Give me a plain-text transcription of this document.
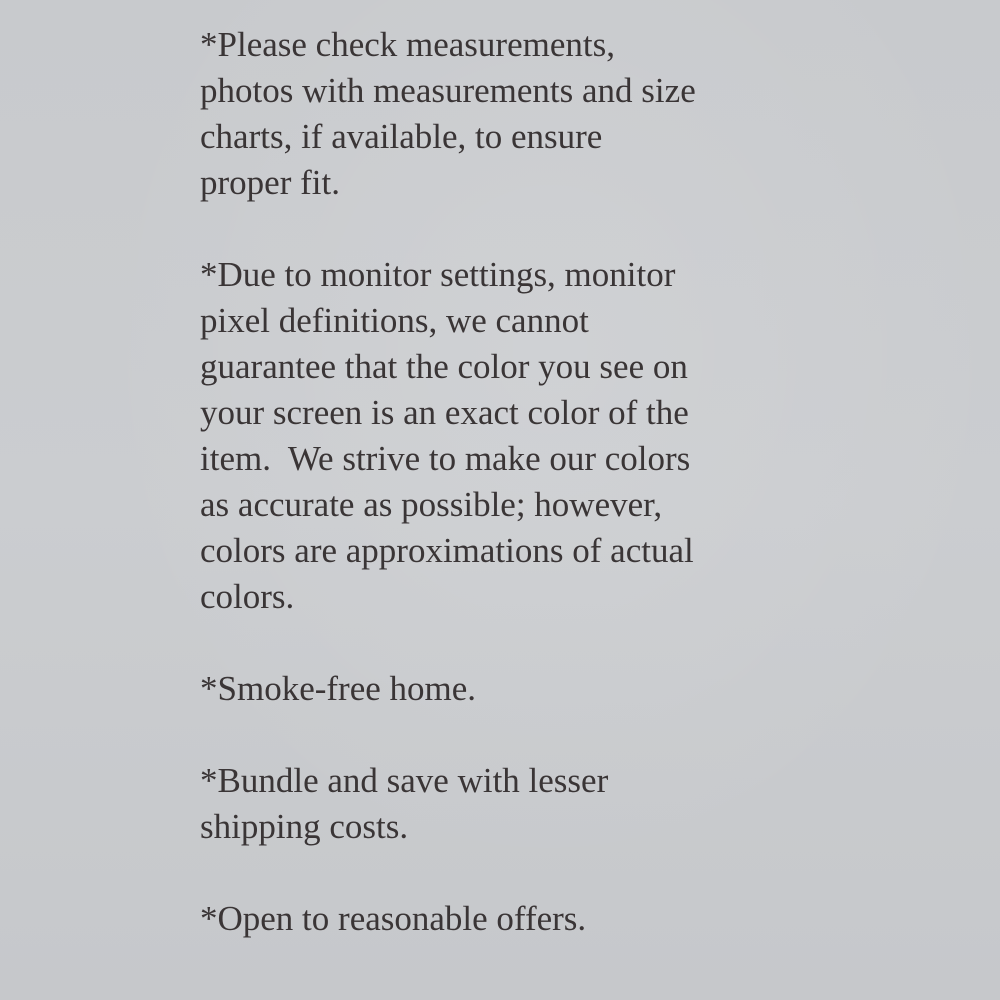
*Please check measurements,
photos with measurements and size
charts, if available, to ensure
proper fit.

*Due to monitor settings, monitor
pixel definitions, we cannot
guarantee that the color you see on
your screen is an exact color of the
item.  We strive to make our colors
as accurate as possible; however,
colors are approximations of actual
colors.

*Smoke-free home.

*Bundle and save with lesser
shipping costs.

*Open to reasonable offers.
